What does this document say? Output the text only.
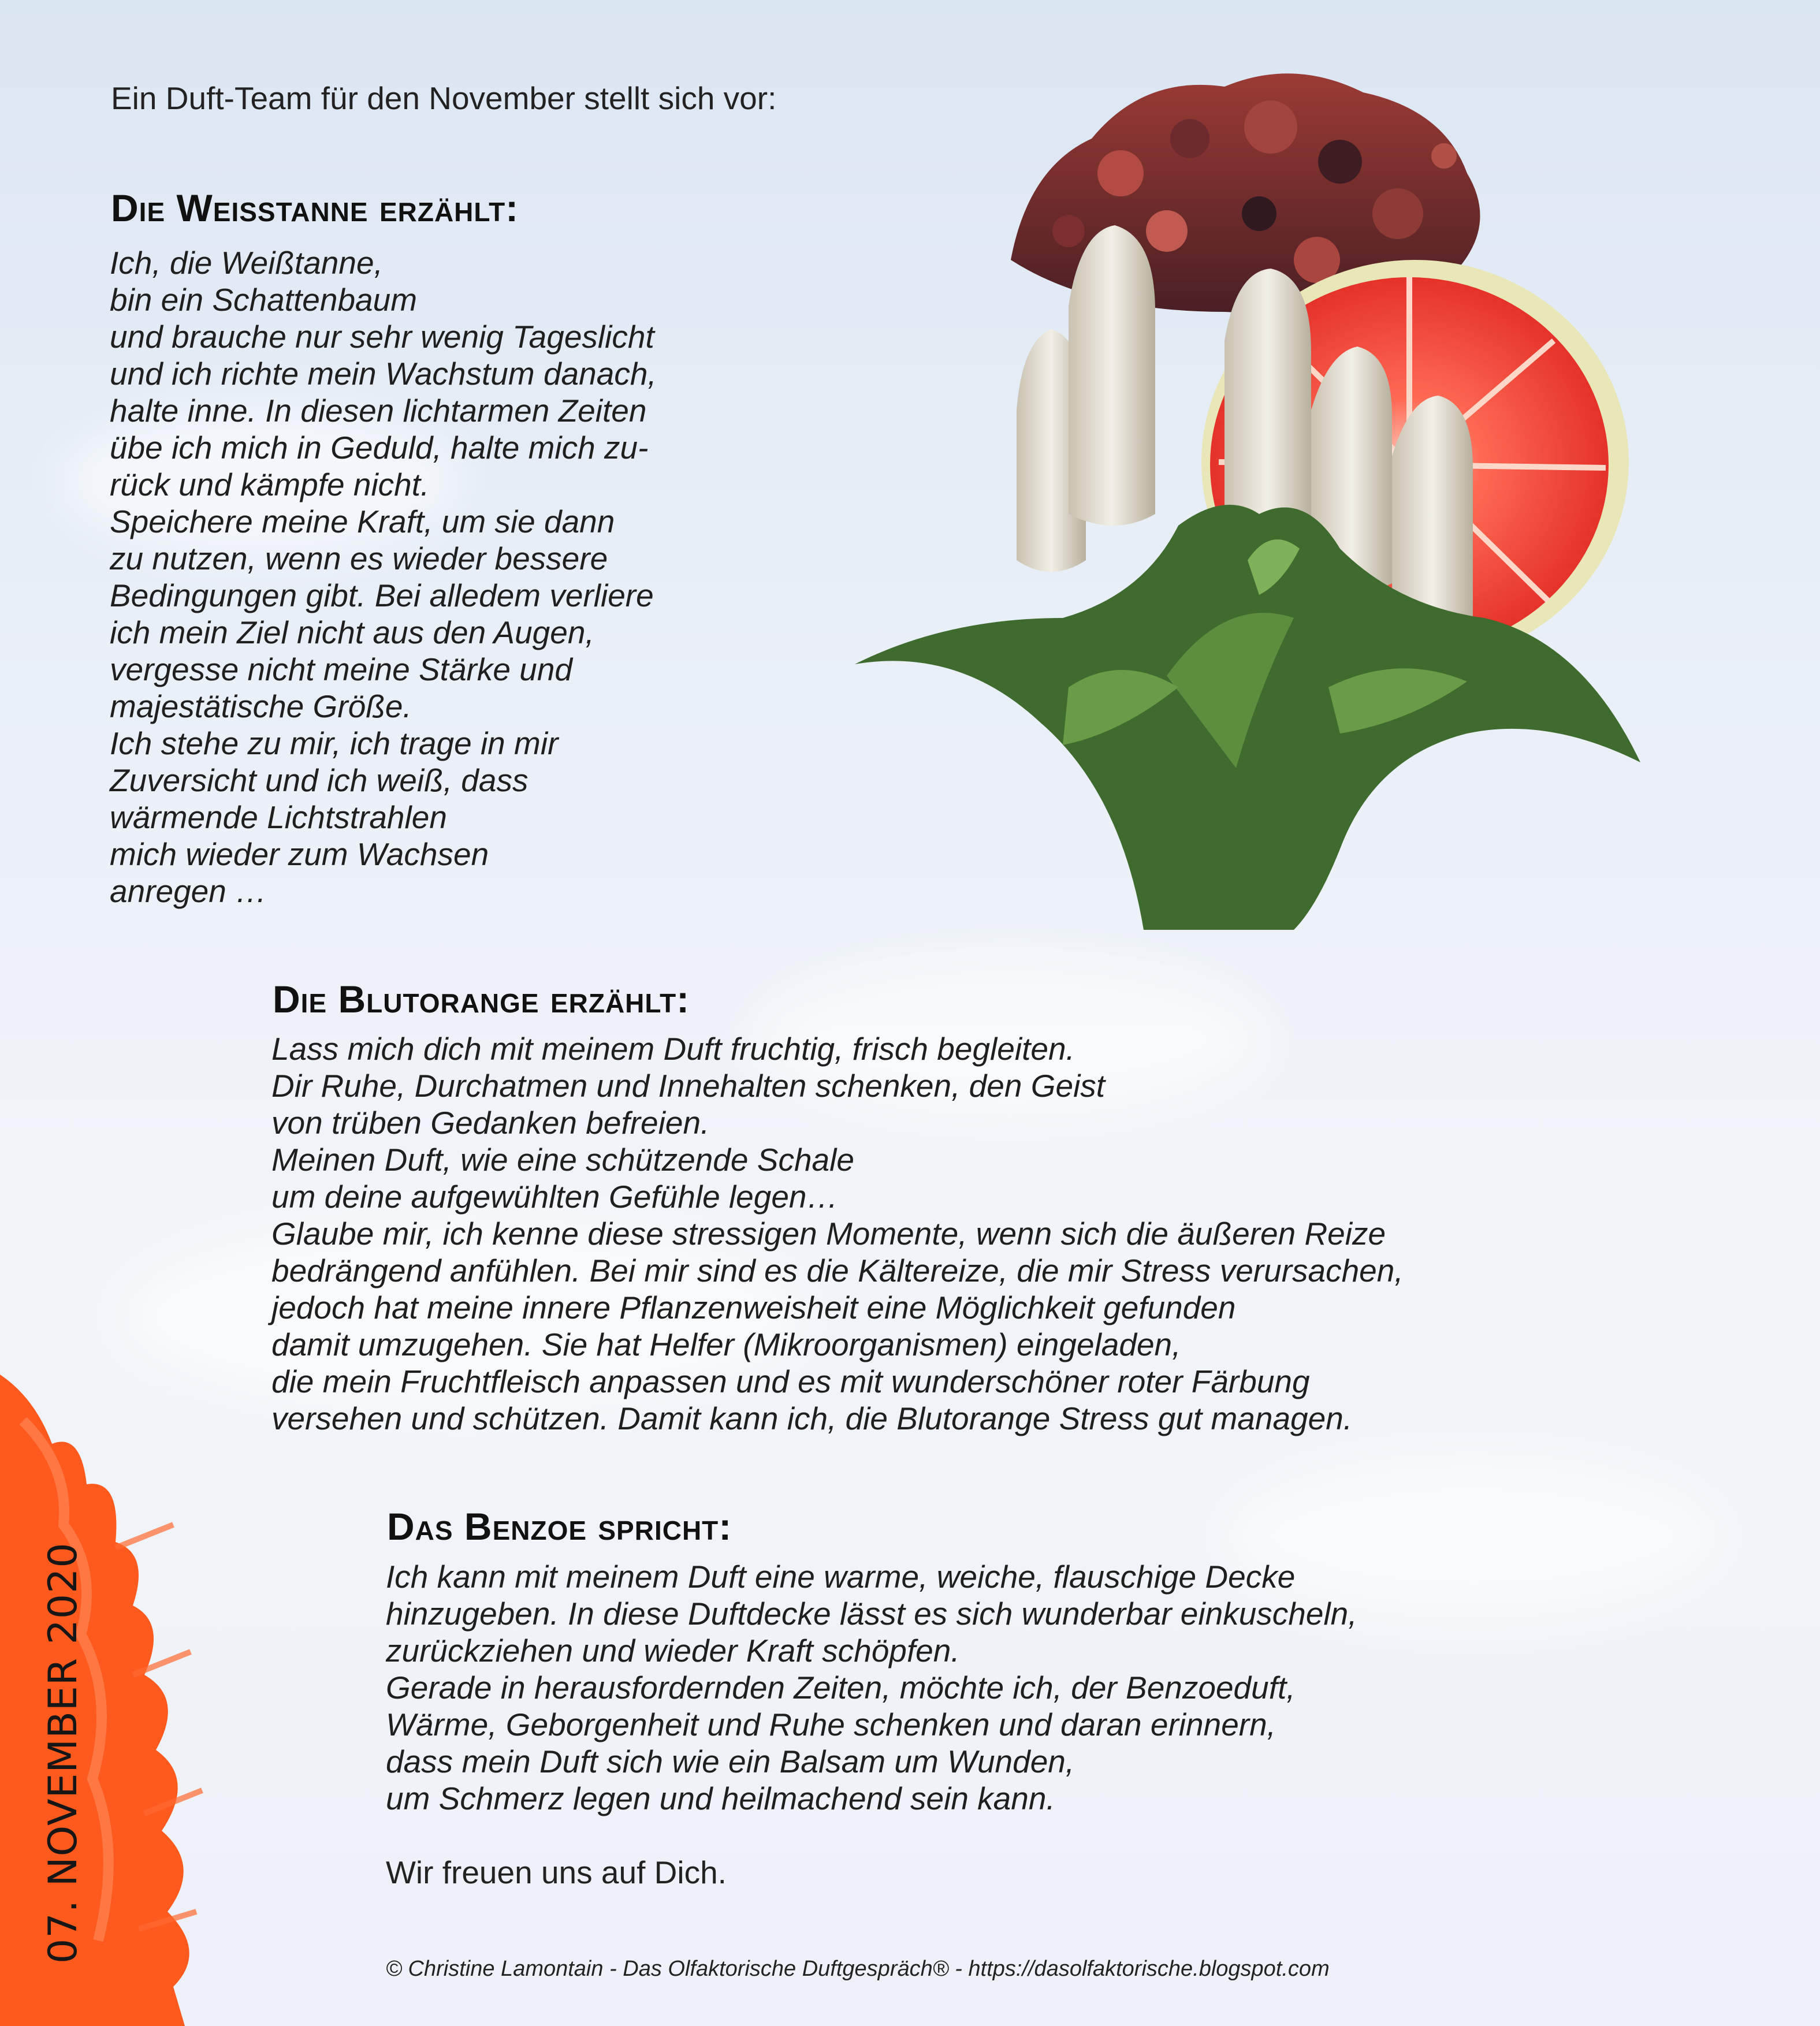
Ein Duft-Team für den November stellt sich vor:
Die Weisstanne erzählt:
Ich, die Weißtanne,
bin ein Schattenbaum
und brauche nur sehr wenig Tageslicht
und ich richte mein Wachstum danach,
halte inne. In diesen lichtarmen Zeiten
übe ich mich in Geduld, halte mich zu-
rück und kämpfe nicht.
Speichere meine Kraft, um sie dann
zu nutzen, wenn es wieder bessere
Bedingungen gibt. Bei alledem verliere
ich mein Ziel nicht aus den Augen,
vergesse nicht meine Stärke und
majestätische Größe.
Ich stehe zu mir, ich trage in mir
Zuversicht und ich weiß, dass
wärmende Lichtstrahlen
mich wieder zum Wachsen
anregen …
Die Blutorange erzählt:
Lass mich dich mit meinem Duft fruchtig, frisch begleiten.
Dir Ruhe, Durchatmen und Innehalten schenken, den Geist
von trüben Gedanken befreien.
Meinen Duft, wie eine schützende Schale
um deine aufgewühlten Gefühle legen…
Glaube mir, ich kenne diese stressigen Momente, wenn sich die äußeren Reize
bedrängend anfühlen. Bei mir sind es die Kältereize, die mir Stress verursachen,
jedoch hat meine innere Pflanzenweisheit eine Möglichkeit gefunden
damit umzugehen. Sie hat Helfer (Mikroorganismen) eingeladen,
die mein Fruchtfleisch anpassen und es mit wunderschöner roter Färbung
versehen und schützen. Damit kann ich, die Blutorange Stress gut managen.
Das Benzoe spricht:
Ich kann mit meinem Duft eine warme, weiche, flauschige Decke
hinzugeben. In diese Duftdecke lässt es sich wunderbar einkuscheln,
zurückziehen und wieder Kraft schöpfen.
Gerade in herausfordernden Zeiten, möchte ich, der Benzoeduft,
Wärme, Geborgenheit und Ruhe schenken und daran erinnern,
dass mein Duft sich wie ein Balsam um Wunden,
um Schmerz legen und heilmachend sein kann.
Wir freuen uns auf Dich.
07. NOVEMBER 2020
© Christine Lamontain - Das Olfaktorische Duftgespräch® - https://dasolfaktorische.blogspot.com
